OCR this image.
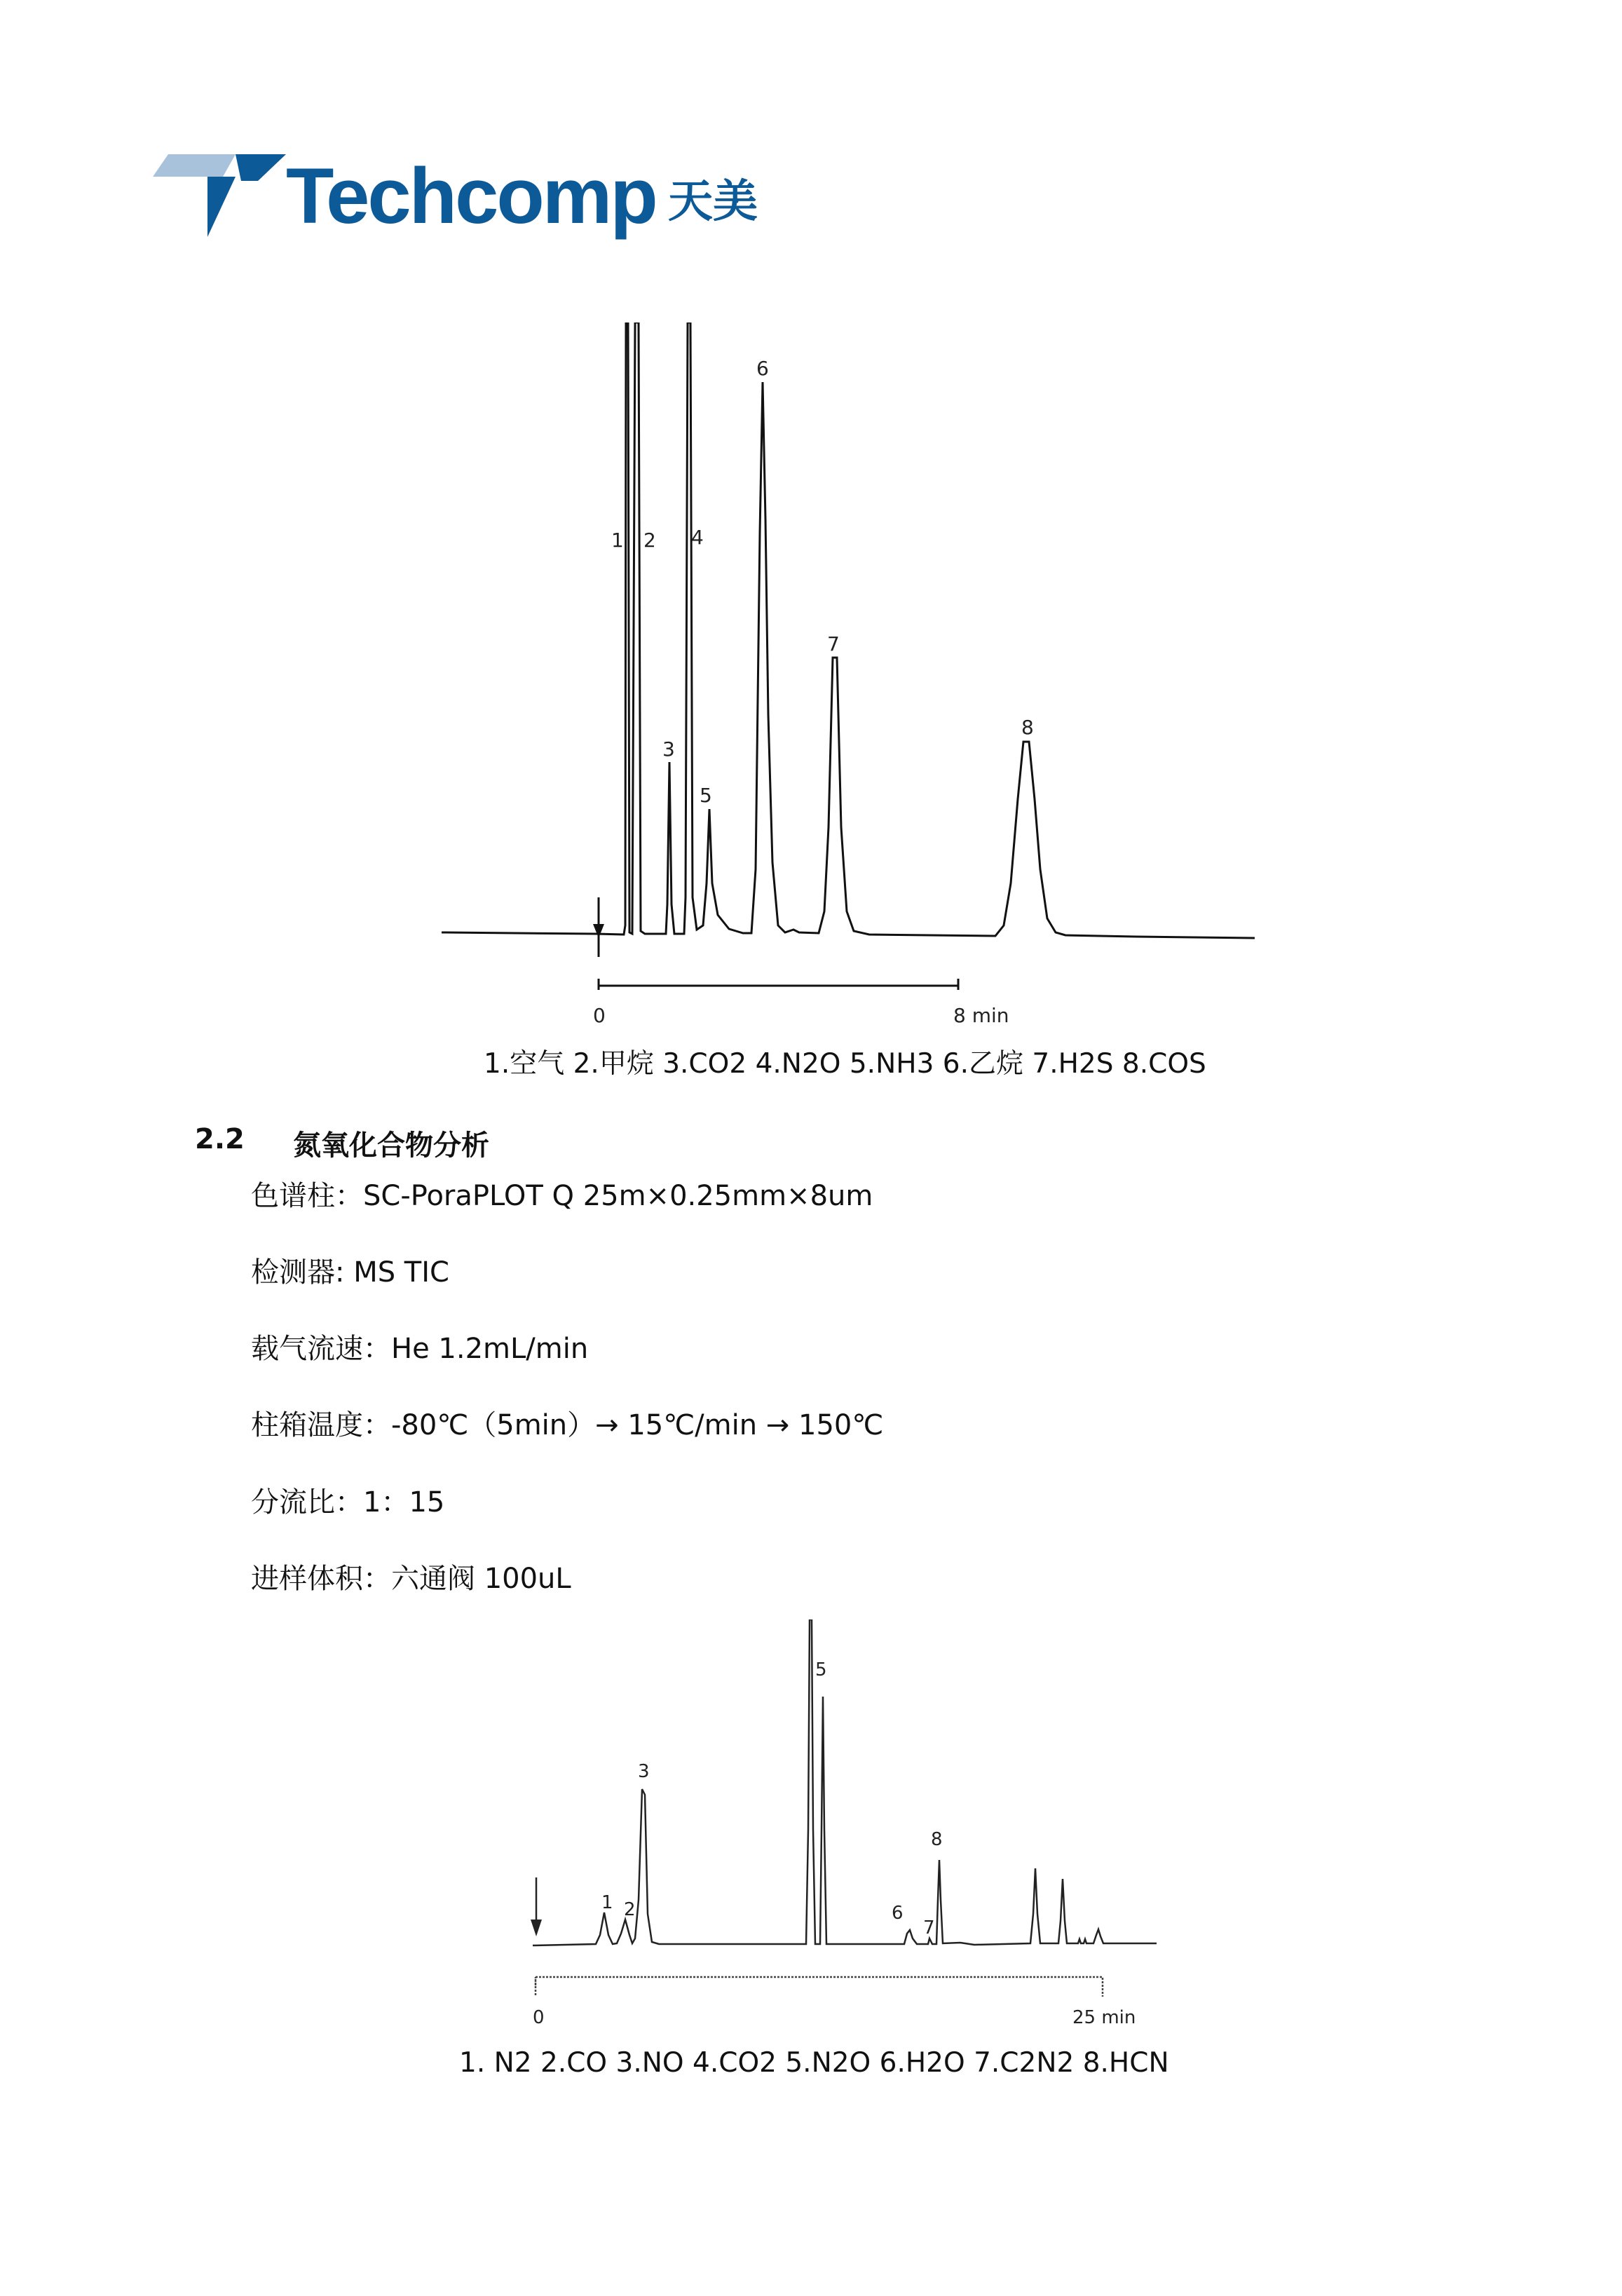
Techcomp 天美
0	8 min
1 2
3
4
5
6
7
8
1.空气 2.甲烷 3.CO2 4.N2O 5.NH3 6.乙烷 7.H2S 8.COS
2.2 氮氧化合物分析
色谱柱：SC-PoraPLOT Q 25m×0.25mm×8um
检测器: MS TIC
载气流速：He 1.2mL/min
柱箱温度：-80℃（5min）→ 15℃/min → 150℃
分流比：1：15
进样体积：六通阀 100uL
0	25 min
1 2
3
5
6
7
8
1. N2 2.CO 3.NO 4.CO2 5.N2O 6.H2O 7.C2N2 8.HCN
